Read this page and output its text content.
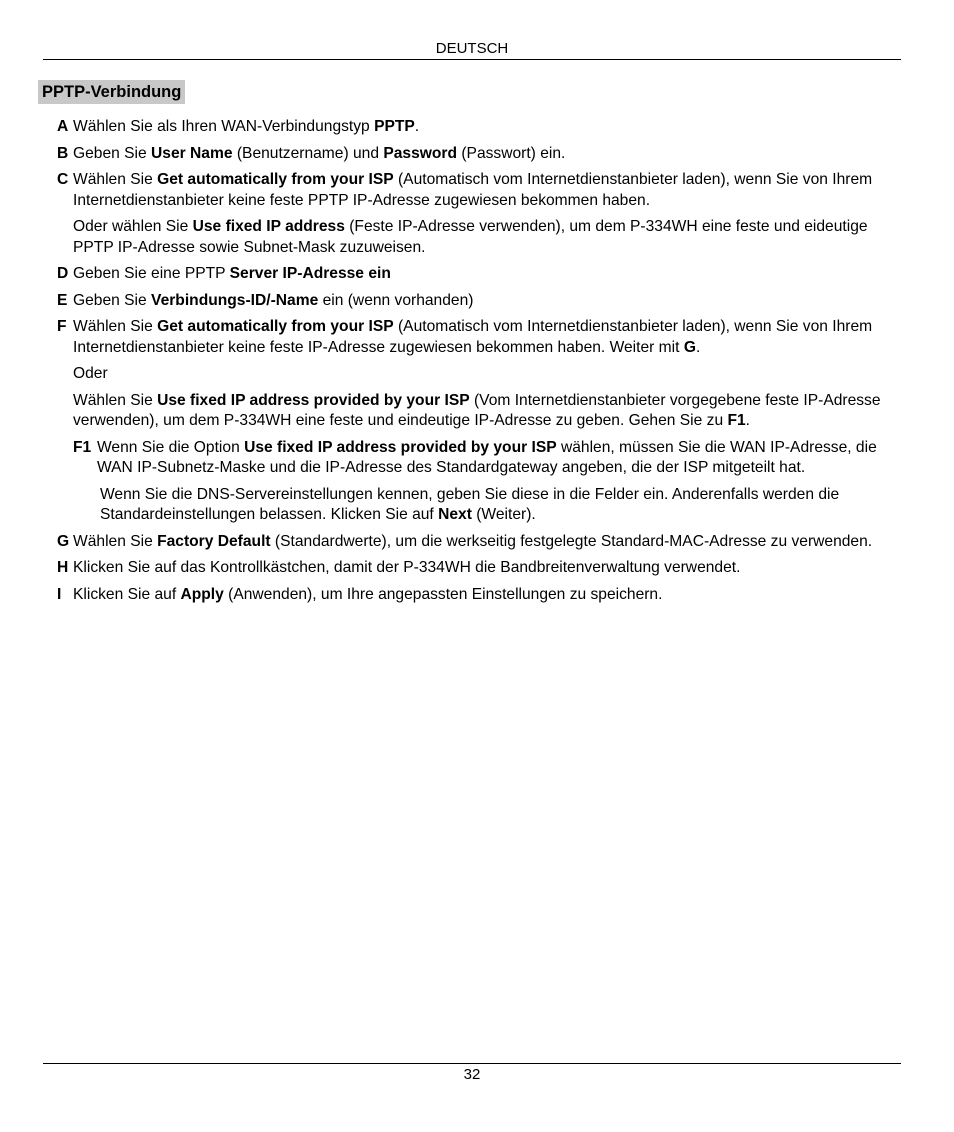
DEUTSCH
PPTP-Verbindung
A Wählen Sie als Ihren WAN-Verbindungstyp PPTP.
B Geben Sie User Name (Benutzername) und Password (Passwort) ein.
C Wählen Sie Get automatically from your ISP (Automatisch vom Internetdienstanbieter laden), wenn Sie von Ihrem Internetdienstanbieter keine feste PPTP IP-Adresse zugewiesen bekommen haben.
Oder wählen Sie Use fixed IP address (Feste IP-Adresse verwenden), um dem P-334WH eine feste und eideutige PPTP IP-Adresse sowie Subnet-Mask zuzuweisen.
D Geben Sie eine PPTP Server IP-Adresse ein
E Geben Sie Verbindungs-ID/-Name ein (wenn vorhanden)
F Wählen Sie Get automatically from your ISP (Automatisch vom Internetdienstanbieter laden), wenn Sie von Ihrem Internetdienstanbieter keine feste IP-Adresse zugewiesen bekommen haben. Weiter mit G.
Oder
Wählen Sie Use fixed IP address provided by your ISP (Vom Internetdienstanbieter vorgegebene feste IP-Adresse verwenden), um dem P-334WH eine feste und eindeutige IP-Adresse zu geben. Gehen Sie zu F1.
F1 Wenn Sie die Option Use fixed IP address provided by your ISP wählen, müssen Sie die WAN IP-Adresse, die WAN IP-Subnetz-Maske und die IP-Adresse des Standardgateway angeben, die der ISP mitgeteilt hat.
Wenn Sie die DNS-Servereinstellungen kennen, geben Sie diese in die Felder ein. Anderenfalls werden die Standardeinstellungen belassen. Klicken Sie auf Next (Weiter).
G Wählen Sie Factory Default (Standardwerte), um die werkseitig festgelegte Standard-MAC-Adresse zu verwenden.
H Klicken Sie auf das Kontrollkästchen, damit der P-334WH die Bandbreitenverwaltung verwendet.
I Klicken Sie auf Apply (Anwenden), um Ihre angepassten Einstellungen zu speichern.
32
